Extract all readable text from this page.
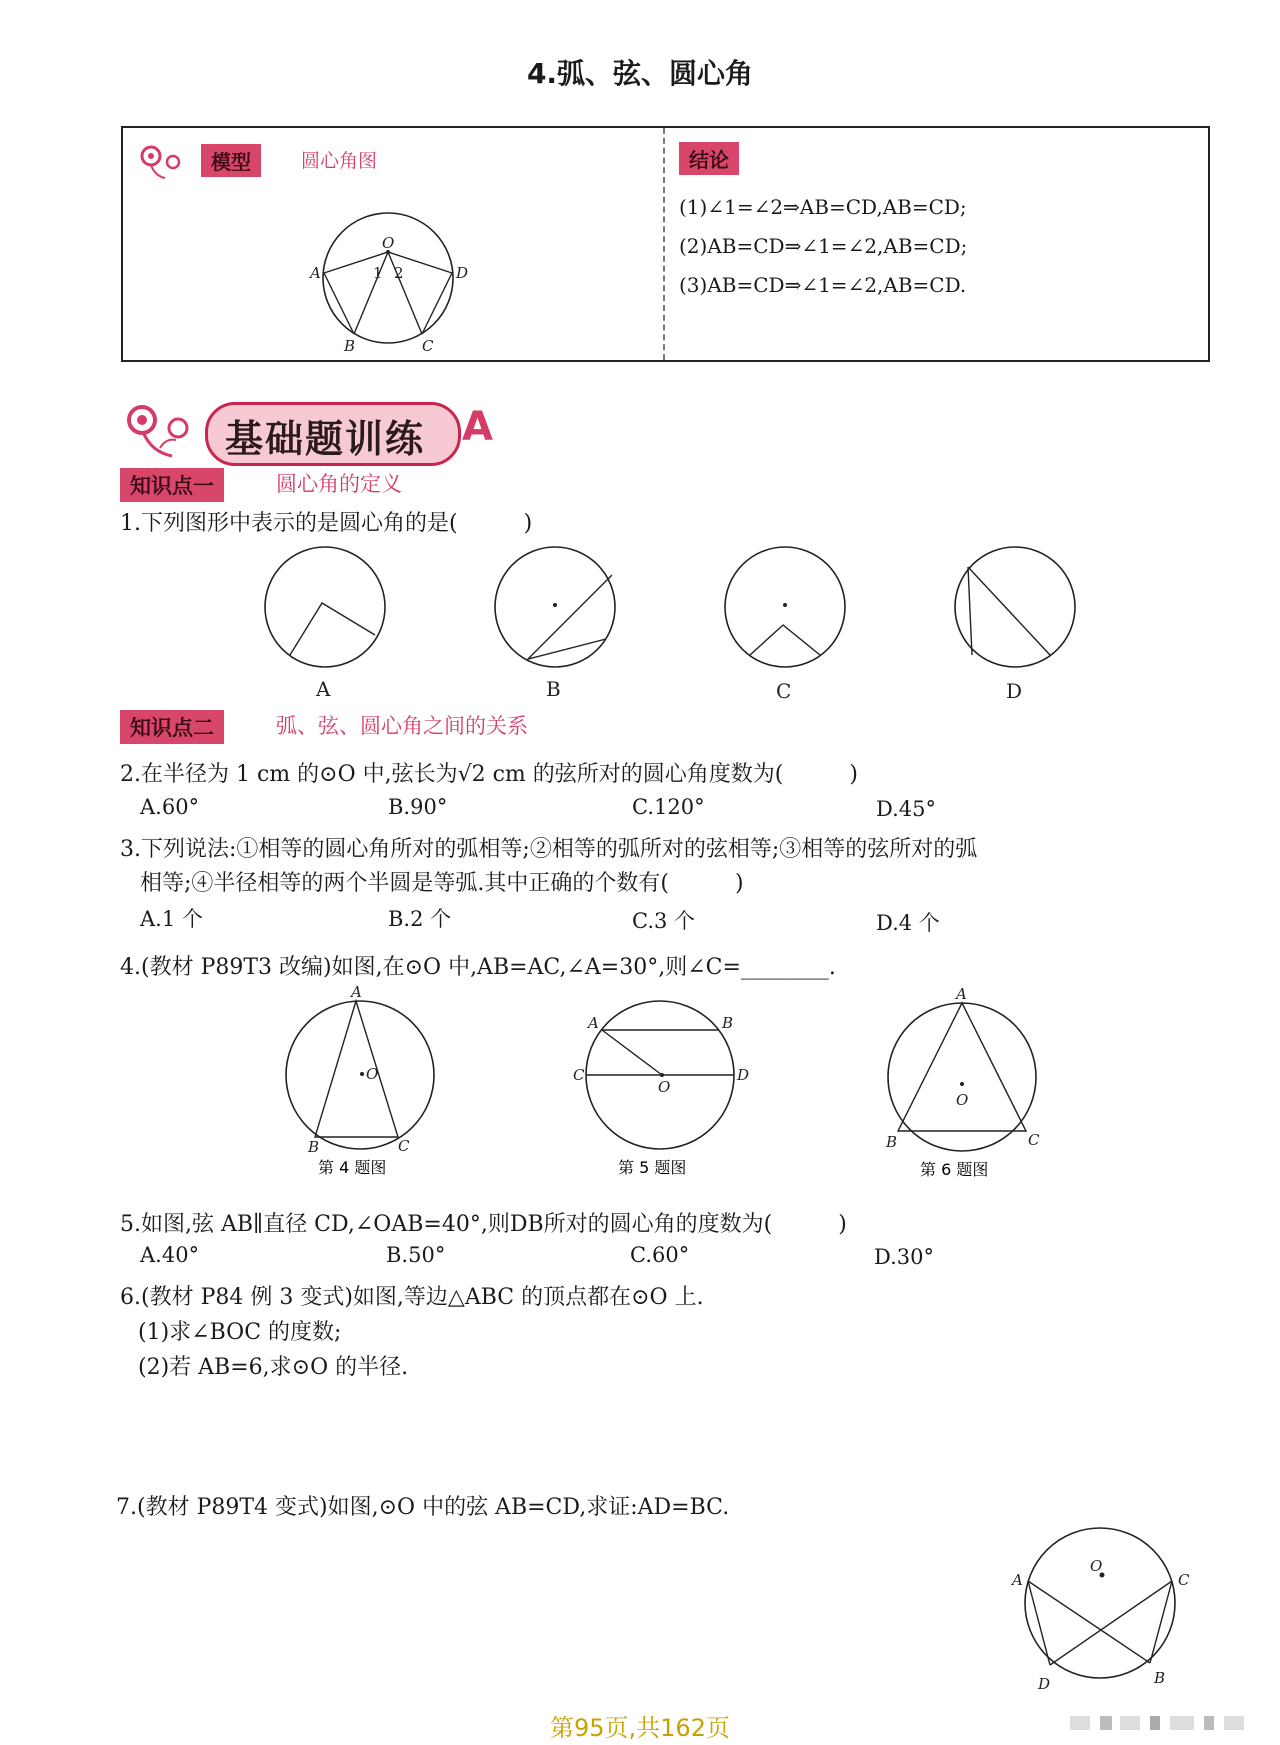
4.弧、弦、圆心角
模型	圆心角图
O
A	D
B	C
1 2
结论
(1)∠1=∠2⇒AB=CD,AB=CD;
(2)AB=CD⇒∠1=∠2,AB=CD;
(3)AB=CD⇒∠1=∠2,AB=CD.
基础题训练 A
知识点一	圆心角的定义
1.下列图形中表示的是圆心角的是(　　　)
A	B	C	D
知识点二	弧、弦、圆心角之间的关系
2.在半径为 1 cm 的⊙O 中,弦长为√2 cm 的弦所对的圆心角度数为(　　　)
A.60°	B.90°	C.120°	D.45°
3.下列说法:①相等的圆心角所对的弧相等;②相等的弧所对的弦相等;③相等的弦所对的弧
相等;④半径相等的两个半圆是等弧.其中正确的个数有(　　　)
A.1 个	B.2 个	C.3 个	D.4 个
4.(教材 P89T3 改编)如图,在⊙O 中,AB=AC,∠A=30°,则∠C=________.
A
B	C
O
第 4 题图
A	B
C	D
O
第 5 题图
A
B	C
O
第 6 题图
5.如图,弦 AB∥直径 CD,∠OAB=40°,则DB所对的圆心角的度数为(　　　)
A.40°	B.50°	C.60°	D.30°
6.(教材 P84 例 3 变式)如图,等边△ABC 的顶点都在⊙O 上.
(1)求∠BOC 的度数;
(2)若 AB=6,求⊙O 的半径.
7.(教材 P89T4 变式)如图,⊙O 中的弦 AB=CD,求证:AD=BC.
O
A	C
D	B
第95页,共162页
